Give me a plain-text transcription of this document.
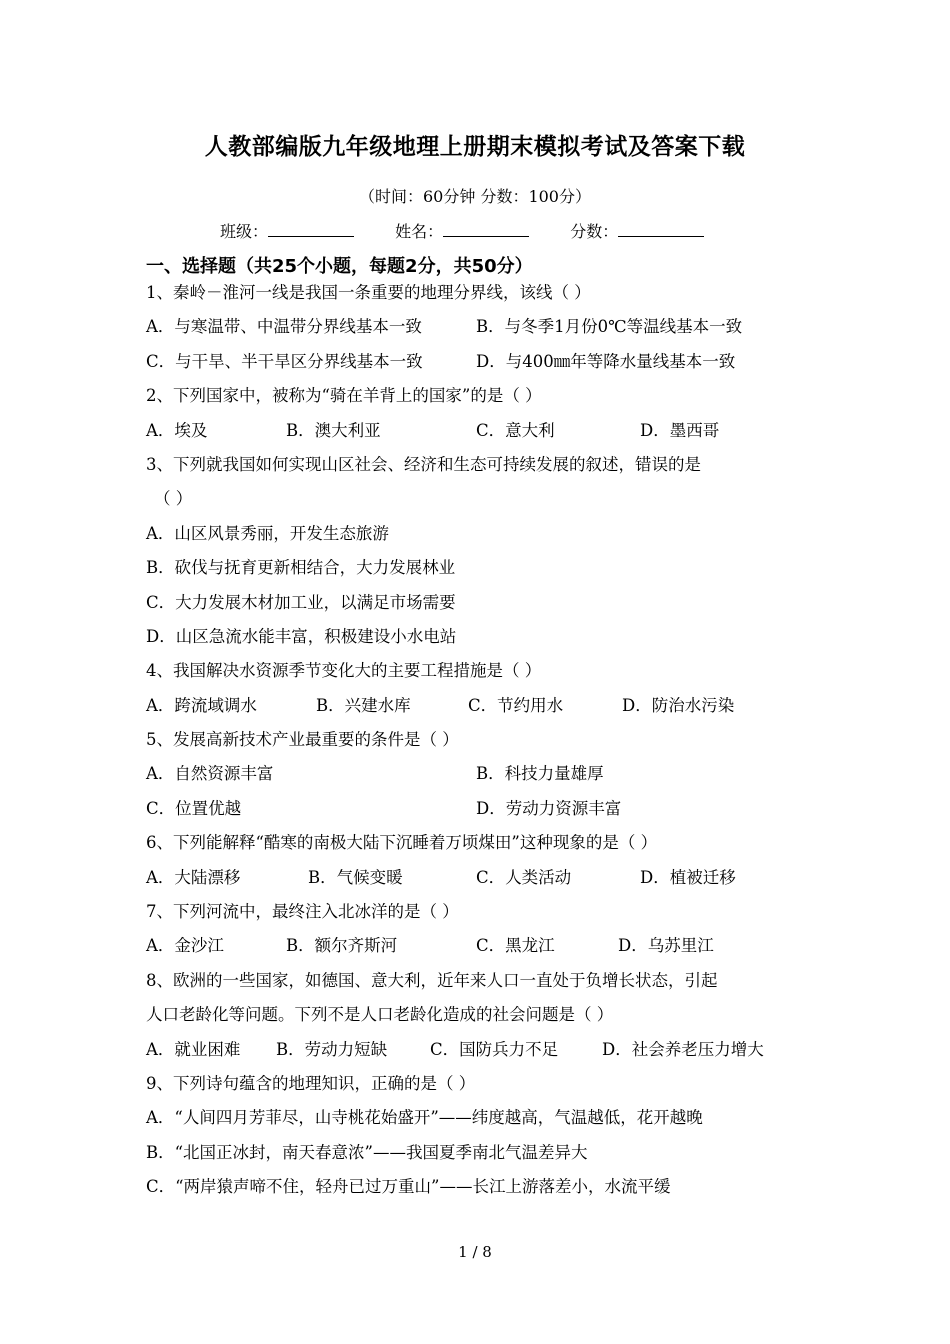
人教部编版九年级地理上册期末模拟考试及答案下载
（时间：60分钟 分数：100分）
班级：	姓名：	分数：
一、选择题（共25个小题，每题2分，共50分）
1、秦岭－淮河一线是我国一条重要的地理分界线，该线（ ）
A．与寒温带、中温带分界线基本一致	B．与冬季1月份0℃等温线基本一致
C．与干旱、半干旱区分界线基本一致	D．与400㎜年等降水量线基本一致
2、下列国家中，被称为“骑在羊背上的国家”的是（ ）
A．埃及	B．澳大利亚	C．意大利	D．墨西哥
3、下列就我国如何实现山区社会、经济和生态可持续发展的叙述，错误的是
（ ）
A．山区风景秀丽，开发生态旅游
B．砍伐与抚育更新相结合，大力发展林业
C．大力发展木材加工业，以满足市场需要
D．山区急流水能丰富，积极建设小水电站
4、我国解决水资源季节变化大的主要工程措施是（ ）
A．跨流域调水	B．兴建水库	C．节约用水	D．防治水污染
5、发展高新技术产业最重要的条件是（ ）
A．自然资源丰富	B．科技力量雄厚
C．位置优越	D．劳动力资源丰富
6、下列能解释“酷寒的南极大陆下沉睡着万顷煤田”这种现象的是（ ）
A．大陆漂移	B．气候变暖	C．人类活动	D．植被迁移
7、下列河流中，最终注入北冰洋的是（ ）
A．金沙江	B．额尔齐斯河	C．黑龙江	D．乌苏里江
8、欧洲的一些国家，如德国、意大利，近年来人口一直处于负增长状态，引起
人口老龄化等问题。下列不是人口老龄化造成的社会问题是（ ）
A．就业困难 B．劳动力短缺	C．国防兵力不足	D．社会养老压力增大
9、下列诗句蕴含的地理知识，正确的是（ ）
A．“人间四月芳菲尽，山寺桃花始盛开”——纬度越高，气温越低，花开越晚
B．“北国正冰封，南天春意浓”——我国夏季南北气温差异大
C．“两岸猿声啼不住，轻舟已过万重山”——长江上游落差小，水流平缓
1 / 8
